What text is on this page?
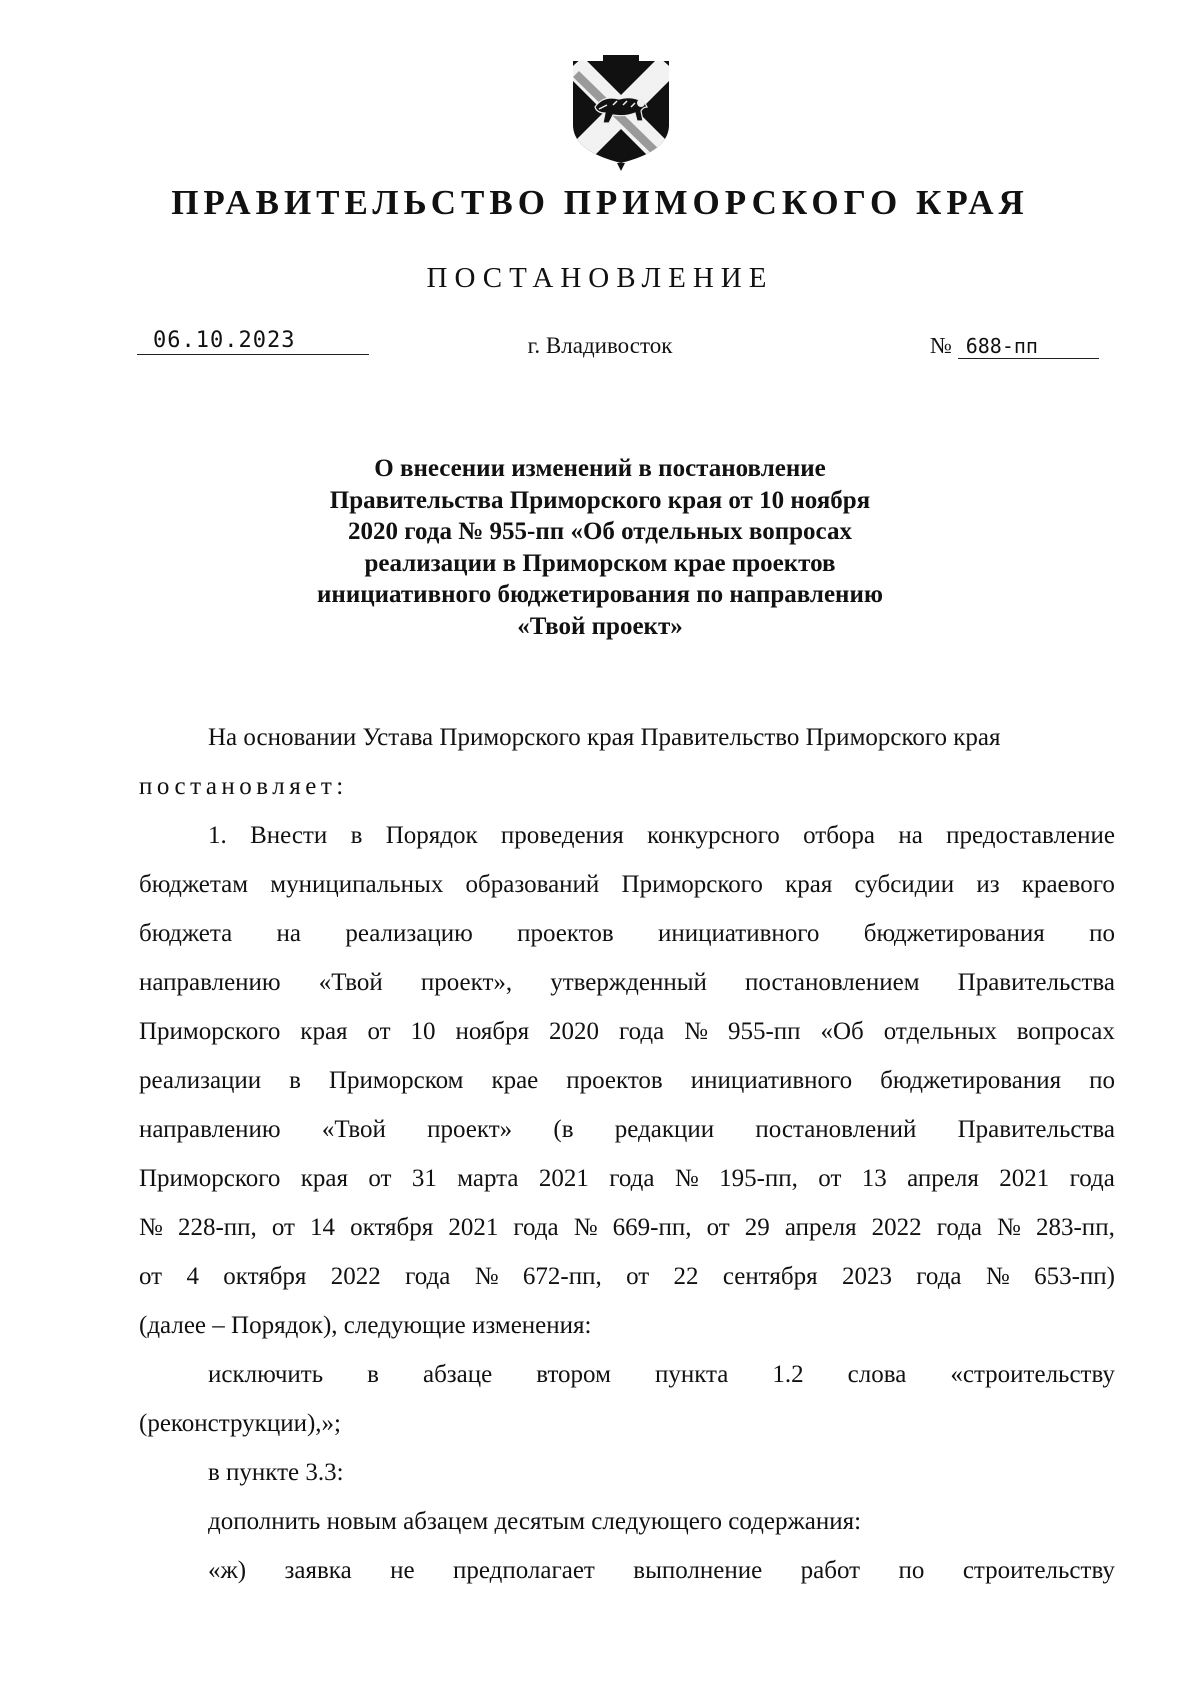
ПРАВИТЕЛЬСТВО ПРИМОРСКОГО КРАЯ
ПОСТАНОВЛЕНИЕ
06.10.2023	г. Владивосток	№ 688-пп
О внесении изменений в постановление
Правительства Приморского края от 10 ноября
2020 года № 955-пп «Об отдельных вопросах
реализации в Приморском крае проектов
инициативного бюджетирования по направлению
«Твой проект»
На основании Устава Приморского края Правительство Приморского края
постановляет:
1. Внести в Порядок проведения конкурсного отбора на предоставление
бюджетам муниципальных образований Приморского края субсидии из краевого
бюджета на реализацию проектов инициативного бюджетирования по
направлению «Твой проект», утвержденный постановлением Правительства
Приморского края от 10 ноября 2020 года № 955-пп «Об отдельных вопросах
реализации в Приморском крае проектов инициативного бюджетирования по
направлению «Твой проект» (в редакции постановлений Правительства
Приморского края от 31 марта 2021 года № 195-пп, от 13 апреля 2021 года
№ 228-пп, от 14 октября 2021 года № 669-пп, от 29 апреля 2022 года № 283-пп,
от 4 октября 2022 года № 672-пп, от 22 сентября 2023 года № 653-пп)
(далее – Порядок), следующие изменения:
исключить в абзаце втором пункта 1.2 слова «строительству
(реконструкции),»;
в пункте 3.3:
дополнить новым абзацем десятым следующего содержания:
«ж) заявка не предполагает выполнение работ по строительству
